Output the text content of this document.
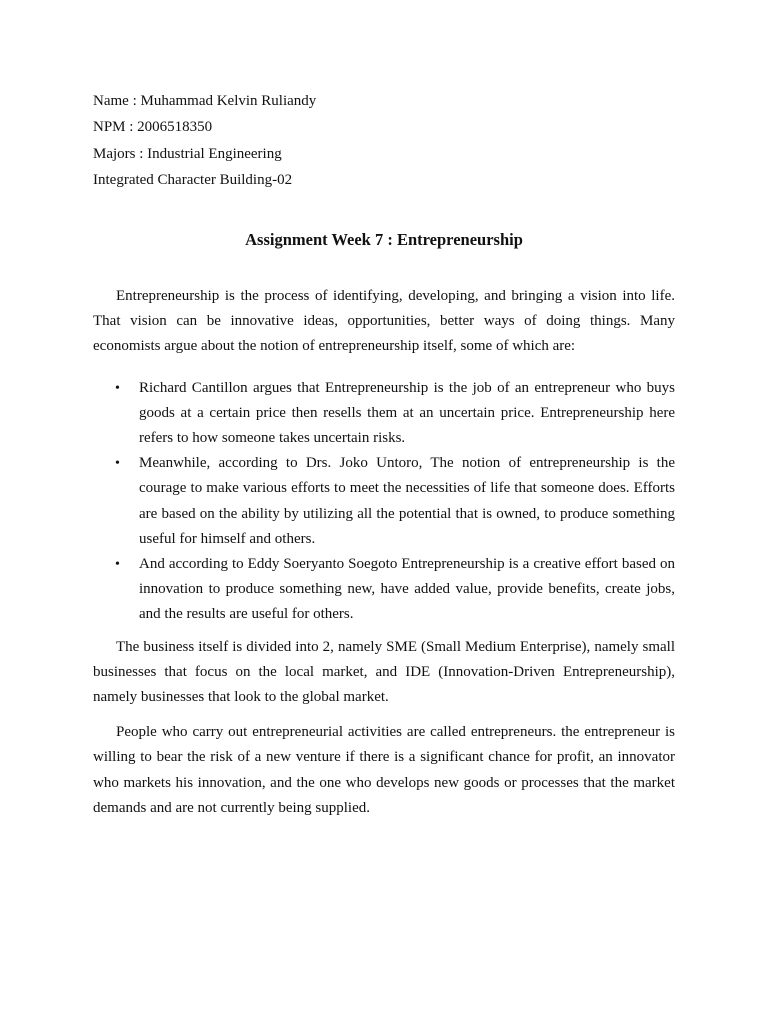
Name : Muhammad Kelvin Ruliandy

NPM : 2006518350

Majors : Industrial Engineering

Integrated Character Building-02

Assignment Week 7 : Entrepreneurship

Entrepreneurship is the process of identifying, developing, and bringing a vision into life. That vision can be innovative ideas, opportunities, better ways of doing things. Many economists argue about the notion of entrepreneurship itself, some of which are:

•	Richard Cantillon argues that Entrepreneurship is the job of an entrepreneur who buys goods at a certain price then resells them at an uncertain price. Entrepreneurship here refers to how someone takes uncertain risks.
•	Meanwhile, according to Drs. Joko Untoro, The notion of entrepreneurship is the courage to make various efforts to meet the necessities of life that someone does. Efforts are based on the ability by utilizing all the potential that is owned, to produce something useful for himself and others.
•	And according to Eddy Soeryanto Soegoto Entrepreneurship is a creative effort based on innovation to produce something new, have added value, provide benefits, create jobs, and the results are useful for others.

The business itself is divided into 2, namely SME (Small Medium Enterprise), namely small businesses that focus on the local market, and IDE (Innovation-Driven Entrepreneurship), namely businesses that look to the global market.

People who carry out entrepreneurial activities are called entrepreneurs. the entrepreneur is willing to bear the risk of a new venture if there is a significant chance for profit, an innovator who markets his innovation, and the one who develops new goods or processes that the market demands and are not currently being supplied.
